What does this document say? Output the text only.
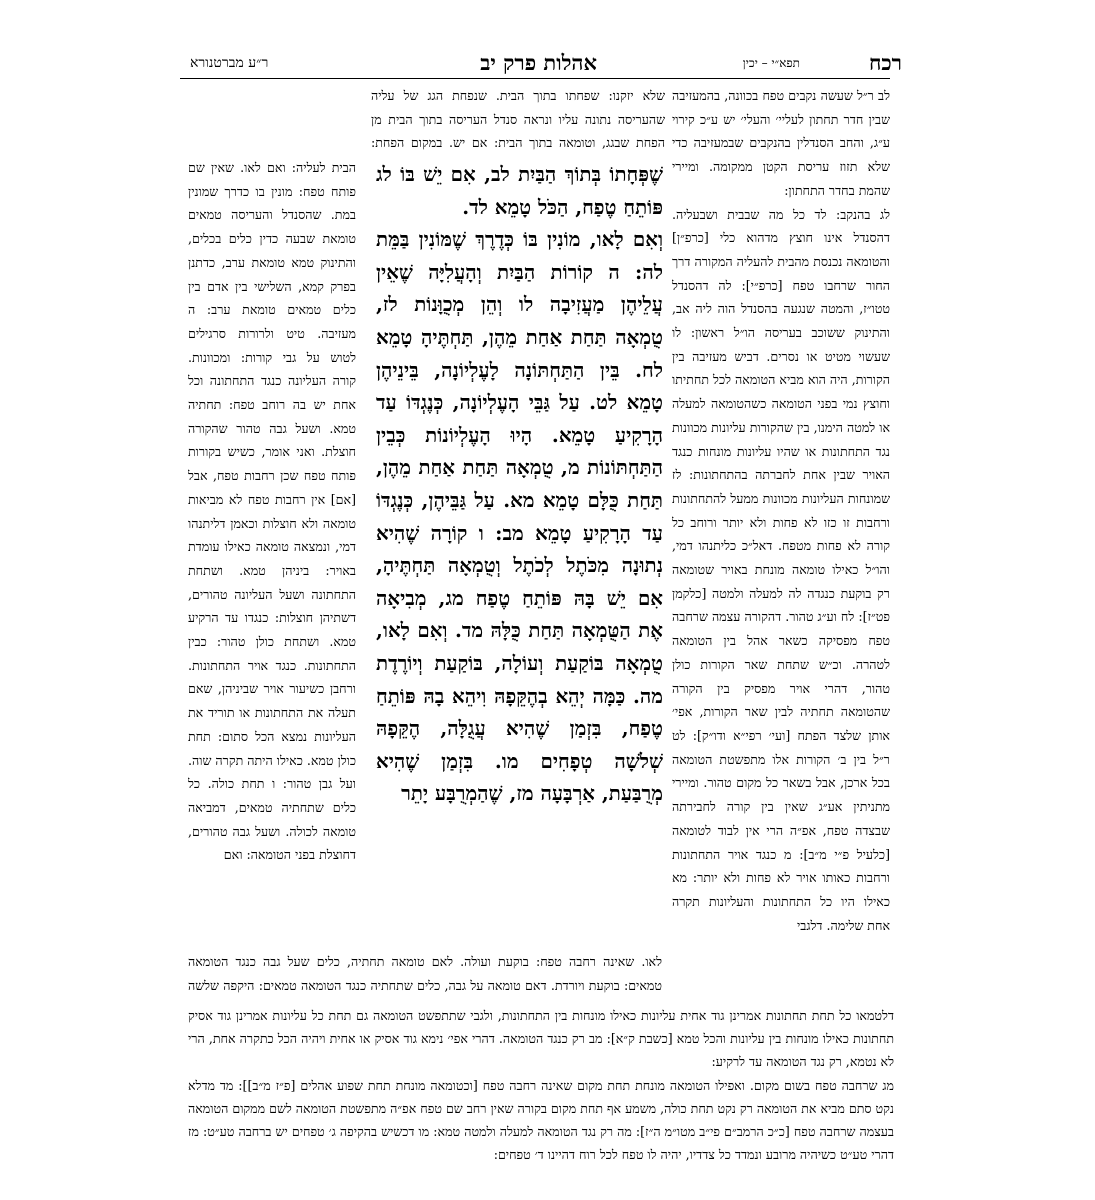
רכח
תפא״י – יכין
אהלות פרק יב
ר״ע מברטנורא

לב ר״ל שעשה נקבים טפח בכוונה, בהמעזיבה שבין חדר תחתון לעליי׳ והעלי׳ יש ע״כ קירוי ע״ג, והחב הסנדלין בהנקבים שבמעזיבה כדי שלא תזוז עריסת הקטן ממקומה. ומיירי שהמת בחדר התחתון:

לג בהנקב: לד כל מה שבבית ושבעליה. דהסנדל אינו חוצץ מדהוא כלי [כרפ״ן] והטומאה נכנסת מהבית להעליה המקורה דרך החור שרחבו טפח [כרפ״י]: לה דהסנדל טטו״ז, והמטה שנגעה בהסנדל הוה ליה אב, והתינוק ששוכב בעריסה הו״ל ראשון: לו שעשוי מטיט או נסרים. דביש מעזיבה בין הקורות, היה הוא מביא הטומאה לכל תחתיתו וחוצץ נמי בפני הטומאה כשהטומאה למעלה או למטה הימנו, בין שהקורות עליונות מכוונות נגד התחתונות או שהיו עליונות מונחות כנגד האויר שבין אחת לחברתה בהתחתונות: לז שמונחות העליונות מכוונות ממעל להתחתונות ורחבות זו כזו לא פחות ולא יותר ורוחב כל קורה לא פחות מטפח. דאל״כ כליתנהו דמי, והו״ל כאילו טומאה מונחת באויר שטומאה רק בוקעת כנגדה לה למעלה ולמטה [כלקמן פט״ז]: לח וע״ג טהור. דהקורה עצמה שרחבה טפח מפסיקה כשאר אהל בין הטומאה לטהרה. וכ״ש שתחת שאר הקורות כולן טהור, דהרי אויר מפסיק בין הקורה שהטומאה תחתיה לבין שאר הקורות, אפי׳ אותן שלצד הפתח [ועי׳ רפי״א ודו״ק]: לט ר״ל בין ב׳ הקורות אלו מתפשטת הטומאה בכל ארכן, אבל בשאר כל מקום טהור. ומיירי מתניתין אע״ג שאין בין קורה לחבירתה שבצדה טפח, אפ״ה הרי אין לבוד לטומאה [כלעיל פ״י מ״ב]: מ כנגד אויר התחתונות ורחבות כאותו אויר לא פחות ולא יותר: מא כאילו היו כל התחתונות והעליונות תקרה אחת שלימה. דלגבי

שלא יזקנו: שפחתו בתוך הבית. שנפחת הגג של עליה שהעריסה נתונה עליו ונראה סנדל העריסה בתוך הבית מן הפחת שבגג, וטומאה בתוך הבית: אם יש. במקום הפחת:

שֶׁפְּחָתוֹ בְּתוֹךְ הַבַּיִת לב, אִם יֵשׁ בּוֹ לג פּוֹתֵחַ טֶפַח, הַכֹּל טָמֵא לד.

וְאִם לָאו, מוֹנִין בּוֹ כְּדֶרֶךְ שֶׁמּוֹנִין בַּמֵּת לה: ה קוֹרוֹת הַבַּיִת וְהָעֲלִיָּה שֶׁאֵין עֲלֵיהֶן מַעֲזִיבָה לו וְהֵן מְכֻוָּנוֹת לז, טֻמְאָה תַּחַת אַחַת מֵהֶן, תַּחְתֶּיהָ טָמֵא לח. בֵּין הַתַּחְתּוֹנָה לָעֶלְיוֹנָה, בֵּינֵיהֶן טָמֵא לט. עַל גַּבֵּי הָעֶלְיוֹנָה, כְּנֶגְדּוֹ עַד הָרָקִיעַ טָמֵא. הָיוּ הָעֶלְיוֹנוֹת כְּבֵין הַתַּחְתּוֹנוֹת מ, טֻמְאָה תַּחַת אַחַת מֵהֶן, תַּחַת כֻּלָּם טָמֵא מא. עַל גַּבֵּיהֶן, כְּנֶגְדּוֹ עַד הָרָקִיעַ טָמֵא מב: ו קוֹרָה שֶׁהִיא נְתוּנָה מִכֹּתֶל לְכֹתֶל וְטֻמְאָה תַּחְתֶּיהָ, אִם יֵשׁ בָּהּ פּוֹתֵחַ טֶפַח מג, מְבִיאָה אֶת הַטֻּמְאָה תַּחַת כֻּלָּהּ מד. וְאִם לָאו, טֻמְאָה בּוֹקַעַת וְעוֹלָה, בּוֹקַעַת וְיוֹרֶדֶת מה. כַּמָּה יְהֵא בְהֶקֵּפָהּ וִיהֵא בָהּ פּוֹתֵחַ טֶפַח, בִּזְמַן שֶׁהִיא עֲגֻלָּה, הֶקֵּפָהּ שְׁלֹשָׁה טְפָחִים מו. בִּזְמַן שֶׁהִיא מְרֻבַּעַת, אַרְבָּעָה מז, שֶׁהַמְרֻבָּע יָתֵר

הבית לעליה: ואם לאו. שאין שם פותח טפח: מונין בו כדרך שמונין במת. שהסנדל והעריסה טמאים טומאת שבעה כדין כלים בכלים, והתינוק טמא טומאת ערב, כדתנן בפרק קמא, השלישי בין אדם בין כלים טמאים טומאת ערב: ה מעזיבה. טיט ולרורות סרגילים לטוש על גבי קורות: ומכוונות. קורה העליונה כנגד התחתונה וכל אחת יש בה רוחב טפח: תחתיה טמא. ושעל גבה טהור שהקורה חוצלת. ואני אומר, כשיש בקורות פותח טפח שכן רחבות טפח, אבל [אם] אין רחבות טפח לא מביאות טומאה ולא חוצלות וכאמן דליתנהו דמי, ונמצאה טומאה כאילו עומדת באויר: ביניהן טמא. ושתחת התחתונה ושעל העליונה טהורים, דשתיהן חוצלות: כנגדו עד הרקיע טמא. ושתחת כולן טהור: כבין התחתונות. כנגד אויר התחתונות. ורחבן כשיעור אויר שביניהן, שאם תעלה את התחתונות או תוריד את העליונות נמצא הכל סתום: תחת כולן טמא. כאילו היתה תקרה שוה. ועל גבן טהור: ו תחת כולה. כל כלים שתחתיה טמאים, דמביאה טומאה לכולה. ושעל גבה טהורים, דחוצלת בפני הטומאה: ואם

לאו. שאינה רחבה טפח: בוקעת ועולה. לאם טומאה תחתיה, כלים שעל גבה כנגד הטומאה טמאים: בוקעת ויורדת. דאם טומאה על גבה, כלים שתחתיה כנגד הטומאה טמאים: היקפה שלשה

דלטמאו כל תחת תחתונות אמרינן גוד אחית עליונות כאילו מונחות בין התחתונות, ולגבי שתתפשט הטומאה גם תחת כל עליונות אמרינן גוד אסיק תחתונות כאילו מונחות בין עליונות והכל טמא [כשבת ק״א]: מב רק כנגד הטומאה. דהרי אפי׳ נימא גוד אסיק או אחית ויהיה הכל כתקרה אחת, הרי לא נטמא, רק נגד הטומאה עד לרקיע:

מג שרחבה טפח בשום מקום. ואפילו הטומאה מונחת תחת מקום שאינה רחבה טפח [וכטומאה מונחת תחת שפוע אהלים [פ״ז מ״ב]]: מד מדלא נקט סתם מביא את הטומאה רק נקט תחת כולה, משמע אף תחת מקום בקורה שאין רחב שם טפח אפ״ה מתפשטת הטומאה לשם ממקום הטומאה בעצמה שרחבה טפח [כ״כ הרמב״ם פי״ב מטו״מ ה״ז]: מה רק נגד הטומאה למעלה ולמטה טמא: מו דכשיש בהקיפה ג׳ טפחים יש ברחבה טע״ט: מז דהרי טע״ט כשיהיה מרובע ונמדד כל צדדיו, יהיה לו טפח לכל רוח דהיינו ד׳ טפחים:
